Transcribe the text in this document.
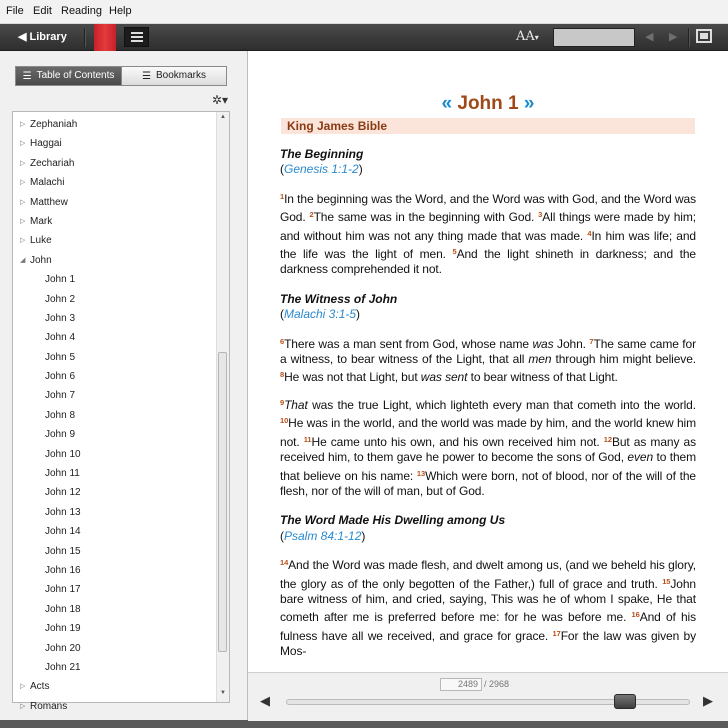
File Edit Reading Help
◀ Library	AA▾	◀ ▶
☰ Table of Contents	☰ Bookmarks
✲▾
▷ Zephaniah
▷ Haggai
▷ Zechariah
▷ Malachi
▷ Matthew
▷ Mark
▷ Luke
◢ John
John 1
John 2
John 3
John 4
John 5
John 6
John 7
John 8
John 9
John 10
John 11
John 12
John 13
John 14
John 15
John 16
John 17
John 18
John 19
John 20
John 21
▷ Acts
▷ Romans
▲
▼
« John 1 »
King James Bible
The Beginning
(Genesis 1:1-2)

$^1$In the beginning was the Word, and the Word was with God, and the Word was God. $^2$The same was in the beginning with God. $^3$All things were made by him; and without him was not any thing made that was made. $^4$In him was life; and the life was the light of men. $^5$And the light shineth in darkness; and the darkness comprehended it not.

The Witness of John
(Malachi 3:1-5)

$^6$There was a man sent from God, whose name was John. $^7$The same came for a witness, to bear witness of the Light, that all men through him might believe. $^8$He was not that Light, but was sent to bear witness of that Light.

$^9$That was the true Light, which lighteth every man that cometh into the world. $^{10}$He was in the world, and the world was made by him, and the world knew him not. $^{11}$He came unto his own, and his own received him not. $^{12}$But as many as received him, to them gave he power to become the sons of God, even to them that believe on his name: $^{13}$Which were born, not of blood, nor of the will of the flesh, nor of the will of man, but of God.

The Word Made His Dwelling among Us
(Psalm 84:1-12)

$^{14}$And the Word was made flesh, and dwelt among us, (and we beheld his glory, the glory as of the only begotten of the Father,) full of grace and truth. $^{15}$John bare witness of him, and cried, saying, This was he of whom I spake, He that cometh after me is preferred before me: for he was before me. $^{16}$And of his fulness have all we received, and grace for grace. $^{17}$For the law was given by Mos-

2489 / 2968
◀	▶
